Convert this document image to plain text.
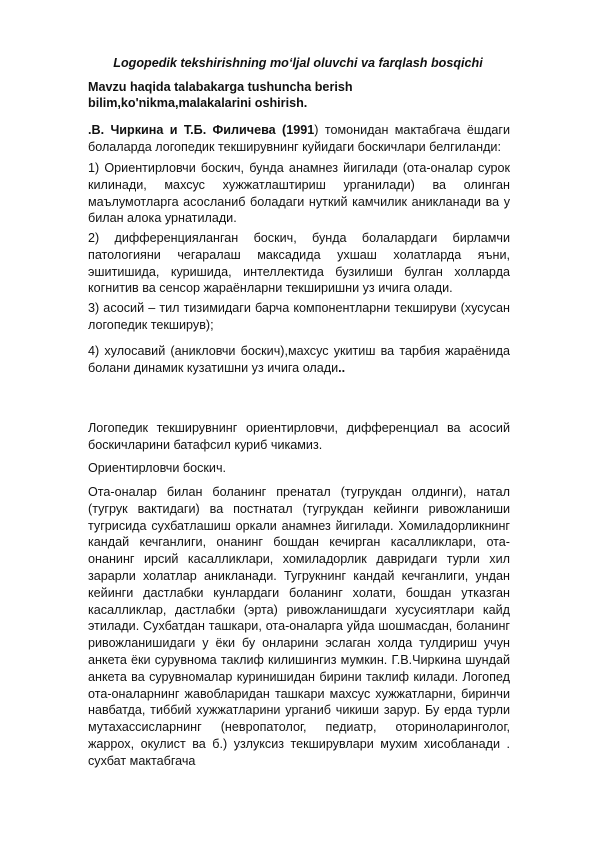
Logopedik tekshirishning mo‘ljal oluvchi va farqlash bosqichi
Mavzu haqida talabakarga tushuncha berish bilim,ko'nikma,malakalarini oshirish.
.В. Чиркина и Т.Б. Филичева (1991) томонидан мактабгача ёшдаги болаларда логопедик текширувнинг куйидаги боскичлари белгиланди:
1) Ориентирловчи боскич, бунда анамнез йигилади (ота-оналар сурок килинади, махсус хужжатлаштириш урганилади) ва олинган маълумотларга асосланиб боладаги нуткий камчилик аникланади ва у билан алока урнатилади.
2) дифференцияланган боскич, бунда болалардаги бирламчи патологияни чегаралаш максадида ухшаш холатларда яъни, эшитишида, куришида, интеллектида бузилиши булган холларда когнитив ва сенсор жараёнларни текширишни уз ичига олади.
3) асосий – тил тизимидаги барча компонентларни текшируви (хусусан логопедик текширув);
4) хулосавий (аникловчи боскич),махсус укитиш ва тарбия жараёнида болани динамик кузатишни уз ичига олади..
Логопедик текширувнинг ориентирловчи, дифференциал ва асосий боскичларини батафсил куриб чикамиз.
Ориентирловчи боскич.
Ота-оналар билан боланинг пренатал (тугрукдан олдинги), натал (тугрук вактидаги) ва постнатал (тугрукдан кейинги ривожланиши тугрисида сухбатлашиш оркали анамнез йигилади. Хомиладорликнинг кандай кечганлиги, онанинг бошдан кечирган касалликлари, ота-онанинг ирсий касалликлари, хомиладорлик давридаги турли хил зарарли холатлар аникланади. Тугрукнинг кандай кечганлиги, ундан кейинги дастлабки кунлардаги боланинг холати, бошдан утказган касалликлар, дастлабки (эрта) ривожланишдаги хусусиятлари кайд этилади. Сухбатдан ташкари, ота-оналарга уйда шошмасдан, боланинг ривожланишидаги у ёки бу онларини эслаган холда тулдириш учун анкета ёки сурувнома таклиф килишингиз мумкин. Г.В.Чиркина шундай анкета ва сурувномалар куринишидан бирини таклиф килади. Логопед ота-оналарнинг жавобларидан ташкари махсус хужжатларни, биринчи навбатда, тиббий хужжатларини урганиб чикиши зарур. Бу ерда турли мутахассисларнинг (невропатолог, педиатр, оториноларинголог, жаррох, окулист ва б.) узлуксиз текширувлари мухим хисобланади . сухбат мактабгача
